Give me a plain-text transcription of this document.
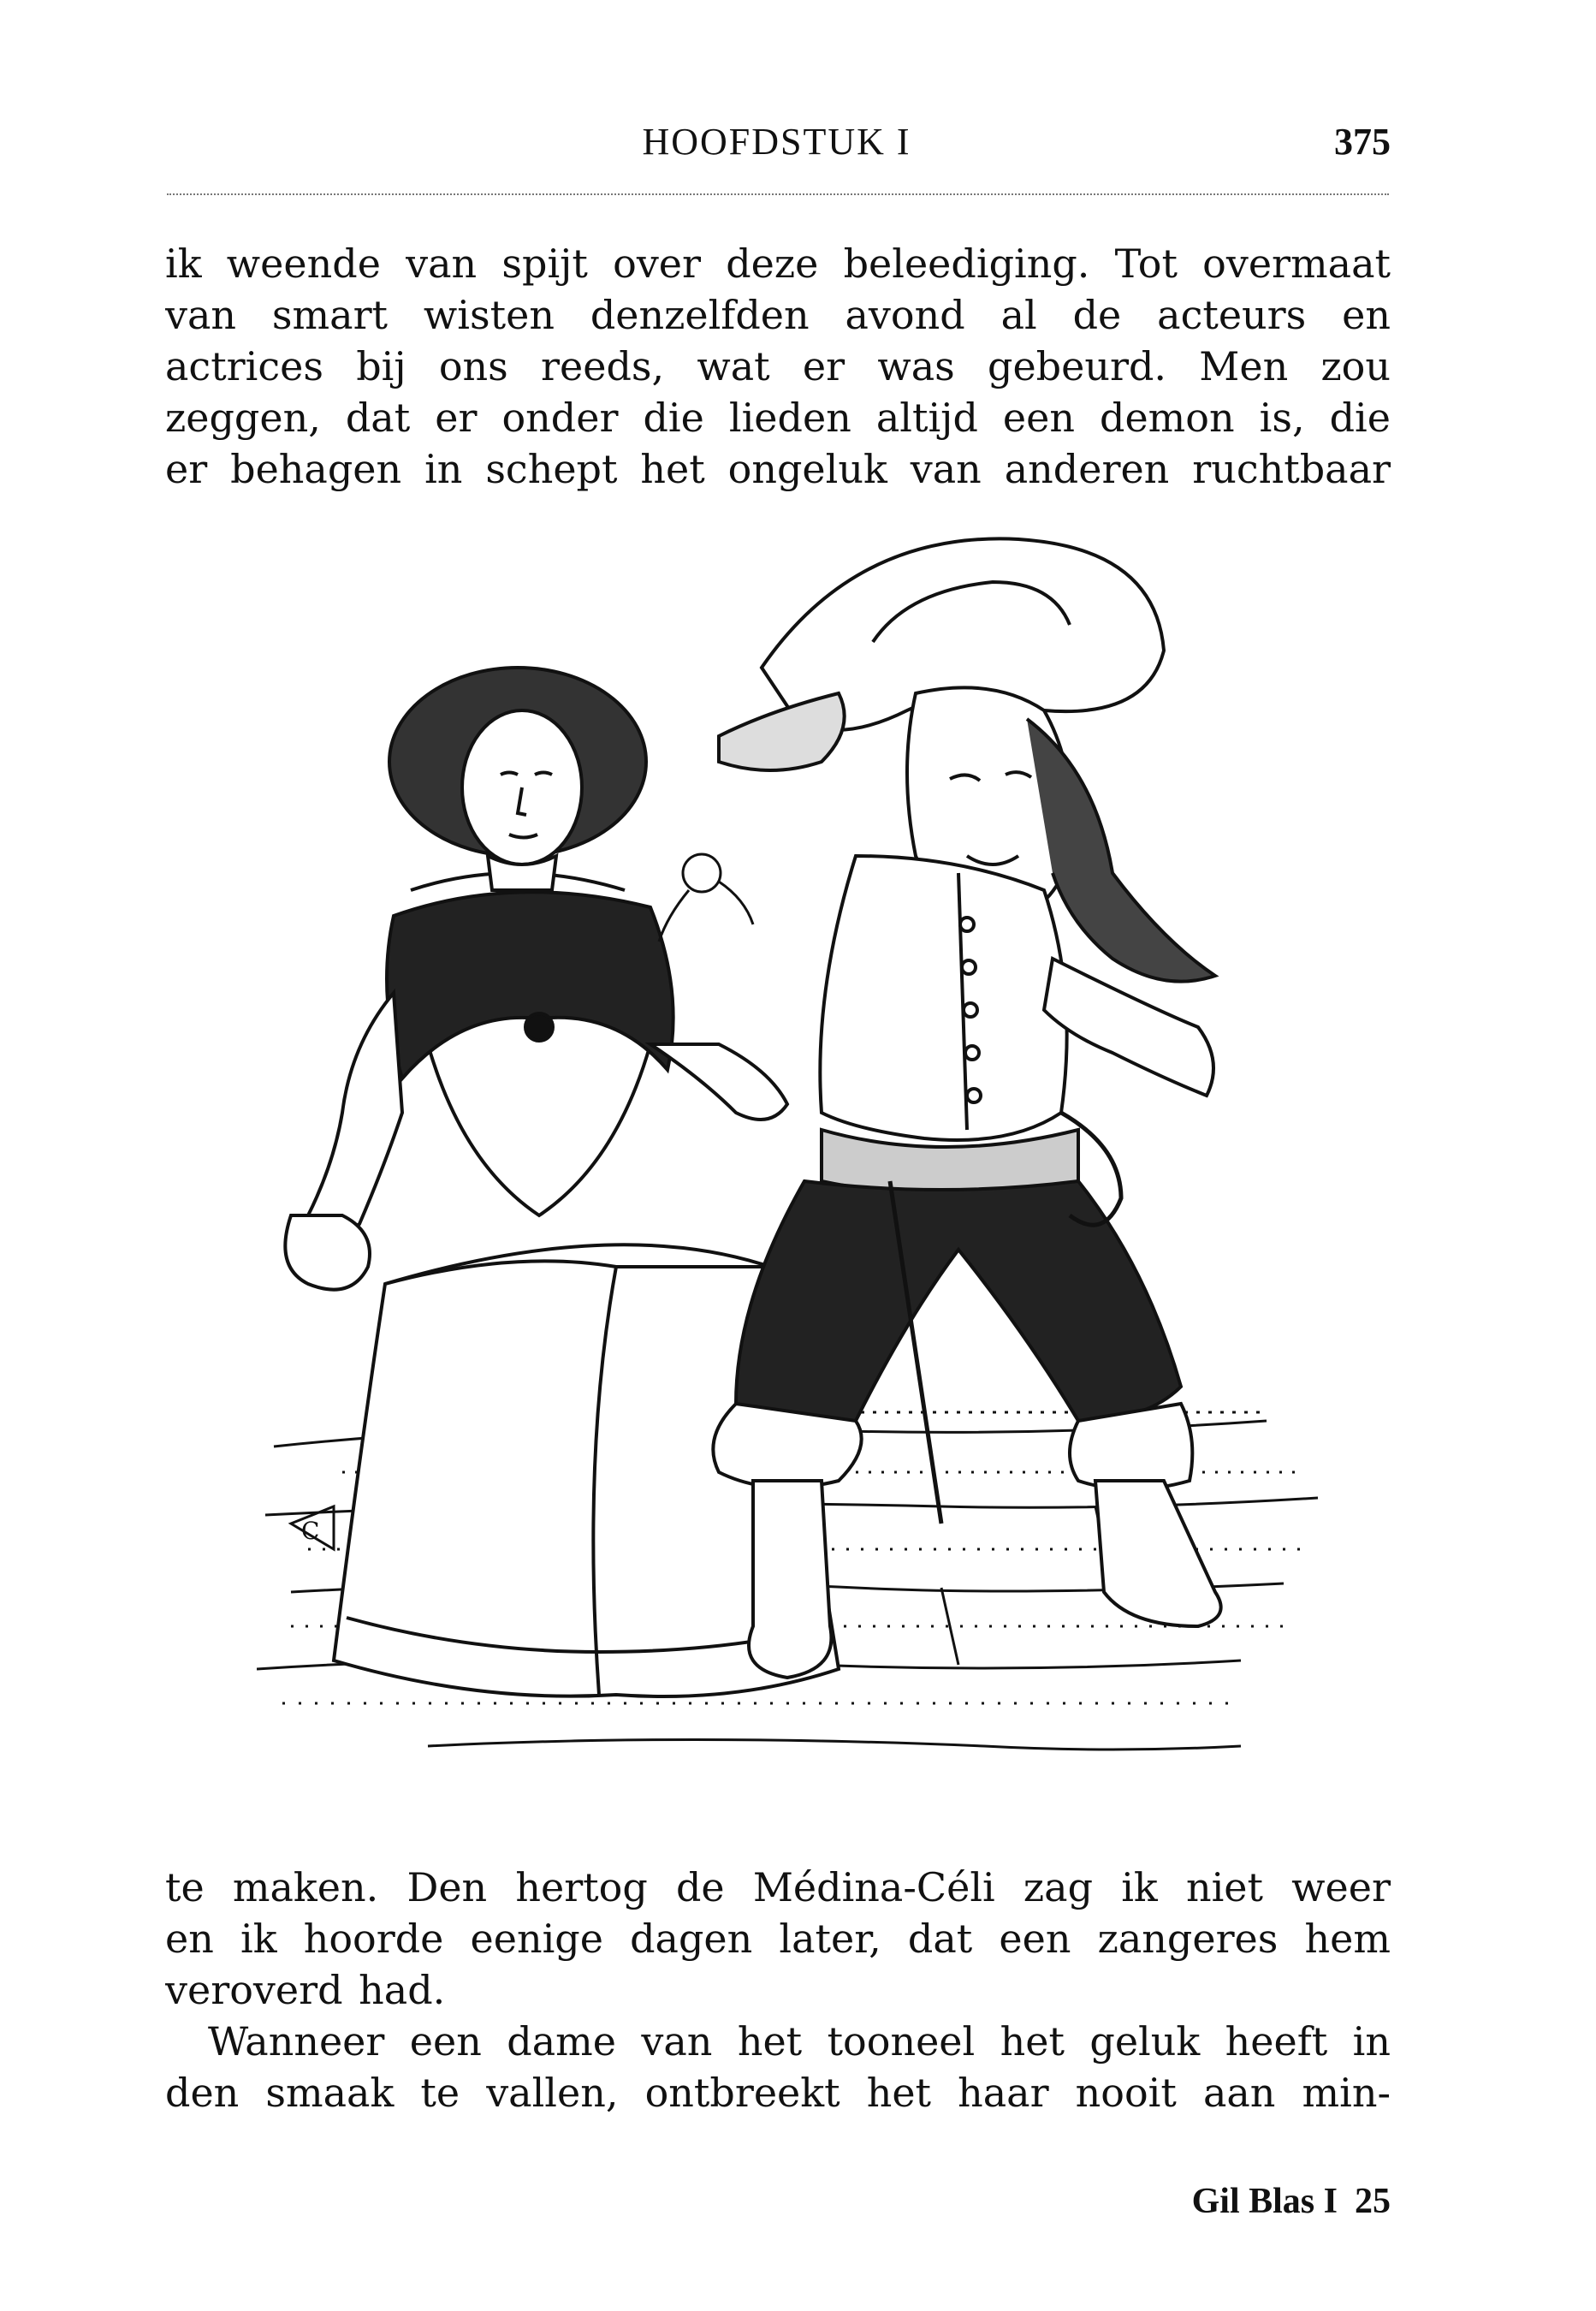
HOOFDSTUK I	375
ik weende van spijt over deze beleediging. Tot overmaat
van smart wisten denzelfden avond al de acteurs en
actrices bij ons reeds, wat er was gebeurd. Men zou
zeggen, dat er onder die lieden altijd een demon is, die
er behagen in schept het ongeluk van anderen ruchtbaar
C
te maken. Den hertog de Médina-Céli zag ik niet weer
en ik hoorde eenige dagen later, dat een zangeres hem
veroverd had.
Wanneer een dame van het tooneel het geluk heeft in
den smaak te vallen, ontbreekt het haar nooit aan min-
Gil Blas I 25
